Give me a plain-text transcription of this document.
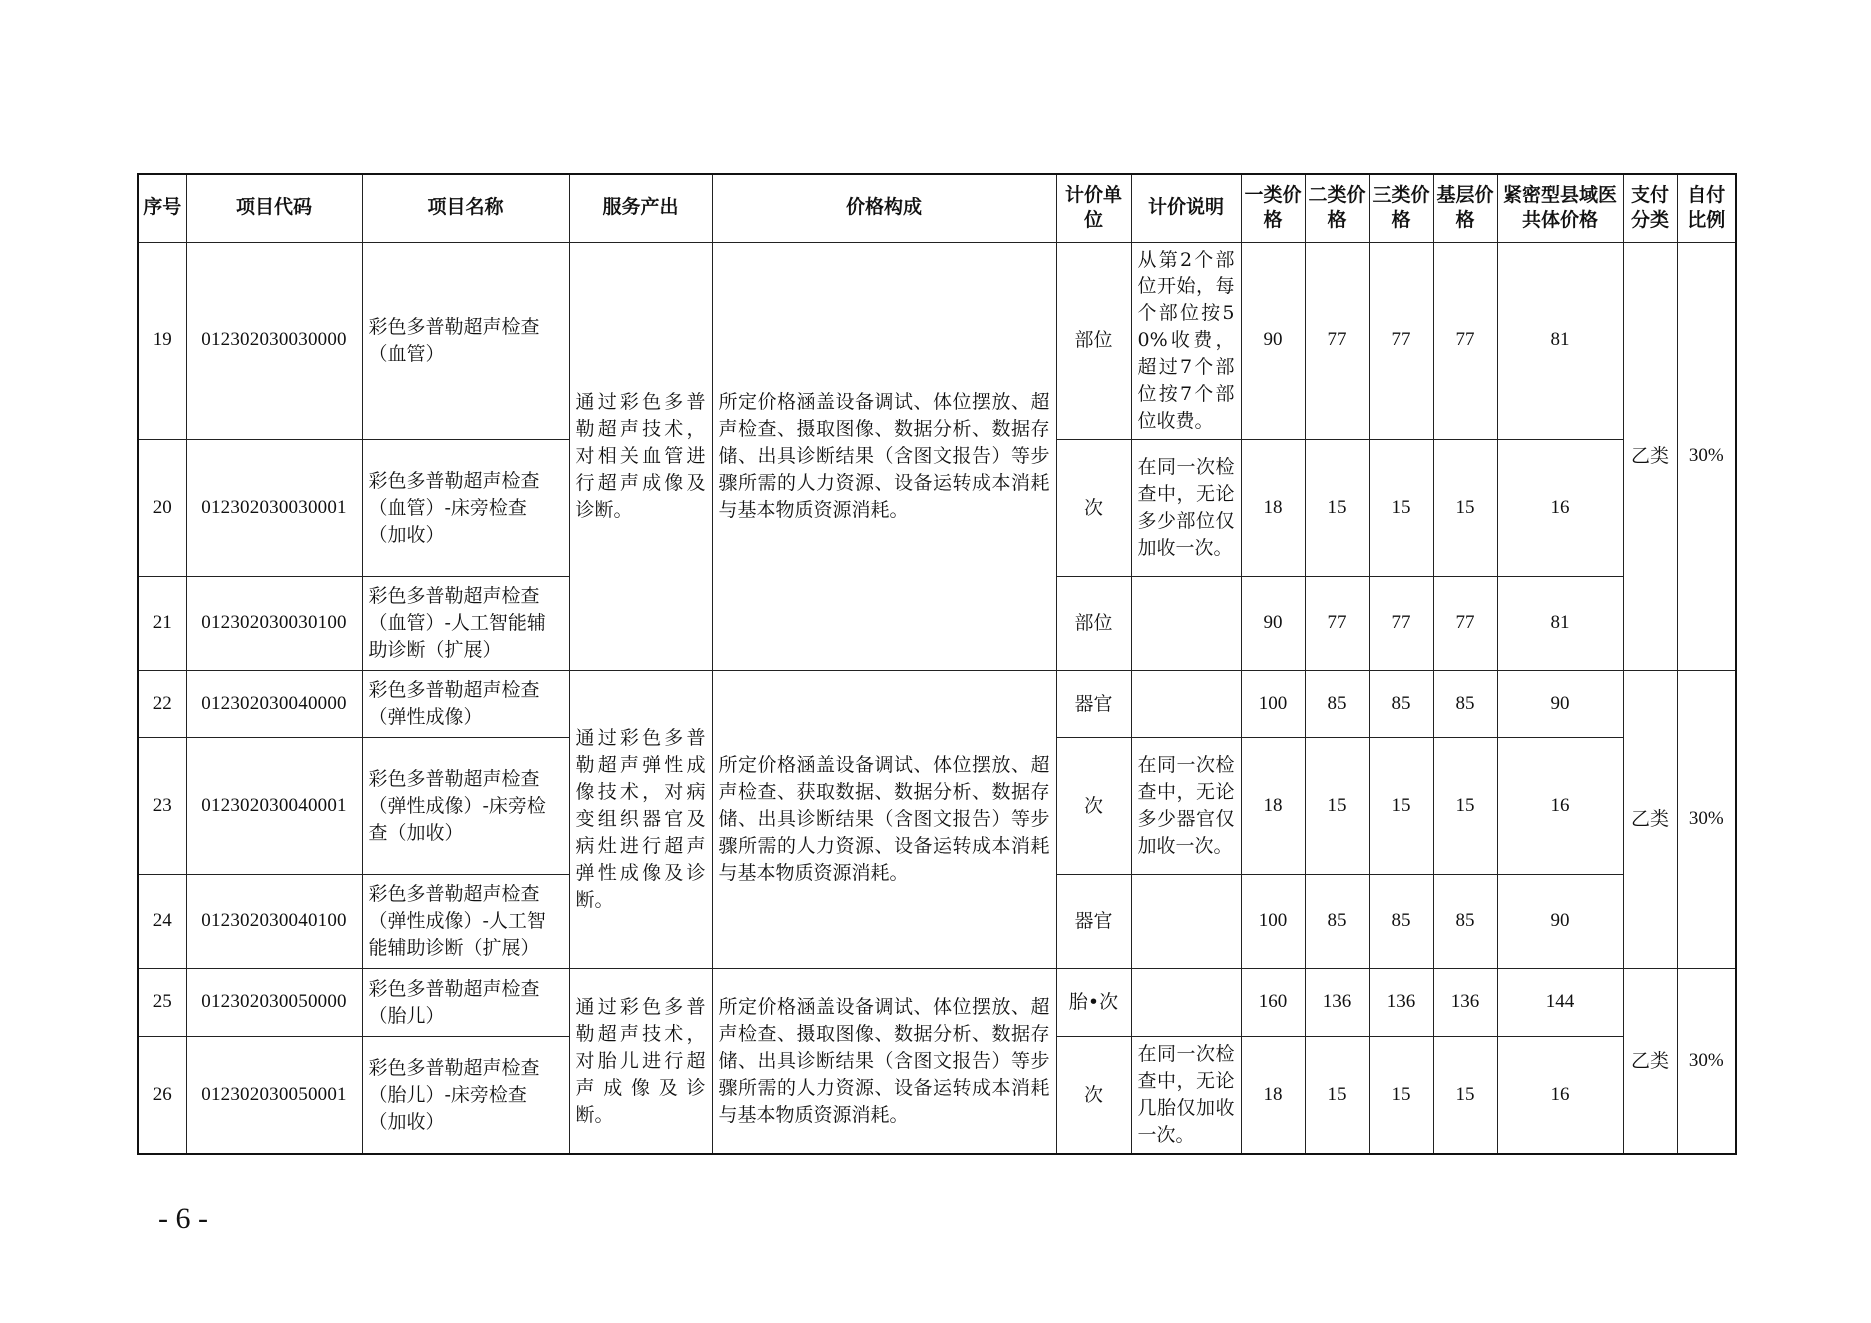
序号	项目代码	项目名称	服务产出	价格构成	计价单位	计价说明	一类价格	二类价格	三类价格	基层价格	紧密型县域医共体价格	支付分类	自付比例
19	012302030030000	彩色多普勒超声检查（血管）	通过彩色多普勒超声技术，对相关血管进行超声成像及诊断。	所定价格涵盖设备调试、体位摆放、超声检查、摄取图像、数据分析、数据存储、出具诊断结果（含图文报告）等步骤所需的人力资源、设备运转成本消耗与基本物质资源消耗。	部位	从第2个部位开始，每个部位按50%收费，超过7个部位按7个部位收费。	90	77	77	77	81	乙类	30%
20	012302030030001	彩色多普勒超声检查（血管）-床旁检查（加收）			次	在同一次检查中，无论多少部位仅加收一次。	18	15	15	15	16		
21	012302030030100	彩色多普勒超声检查（血管）-人工智能辅助诊断（扩展）			部位		90	77	77	77	81		
22	012302030040000	彩色多普勒超声检查（弹性成像）	通过彩色多普勒超声弹性成像技术，对病变组织器官及病灶进行超声弹性成像及诊断。	所定价格涵盖设备调试、体位摆放、超声检查、获取数据、数据分析、数据存储、出具诊断结果（含图文报告）等步骤所需的人力资源、设备运转成本消耗与基本物质资源消耗。	器官		100	85	85	85	90	乙类	30%
23	012302030040001	彩色多普勒超声检查（弹性成像）-床旁检查（加收）			次	在同一次检查中，无论多少器官仅加收一次。	18	15	15	15	16		
24	012302030040100	彩色多普勒超声检查（弹性成像）-人工智能辅助诊断（扩展）			器官		100	85	85	85	90		
25	012302030050000	彩色多普勒超声检查（胎儿）	通过彩色多普勒超声技术，对胎儿进行超声成像及诊断。	所定价格涵盖设备调试、体位摆放、超声检查、摄取图像、数据分析、数据存储、出具诊断结果（含图文报告）等步骤所需的人力资源、设备运转成本消耗与基本物质资源消耗。	胎•次		160	136	136	136	144	乙类	30%
26	012302030050001	彩色多普勒超声检查（胎儿）-床旁检查（加收）			次	在同一次检查中，无论几胎仅加收一次。	18	15	15	15	16		
- 6 -
